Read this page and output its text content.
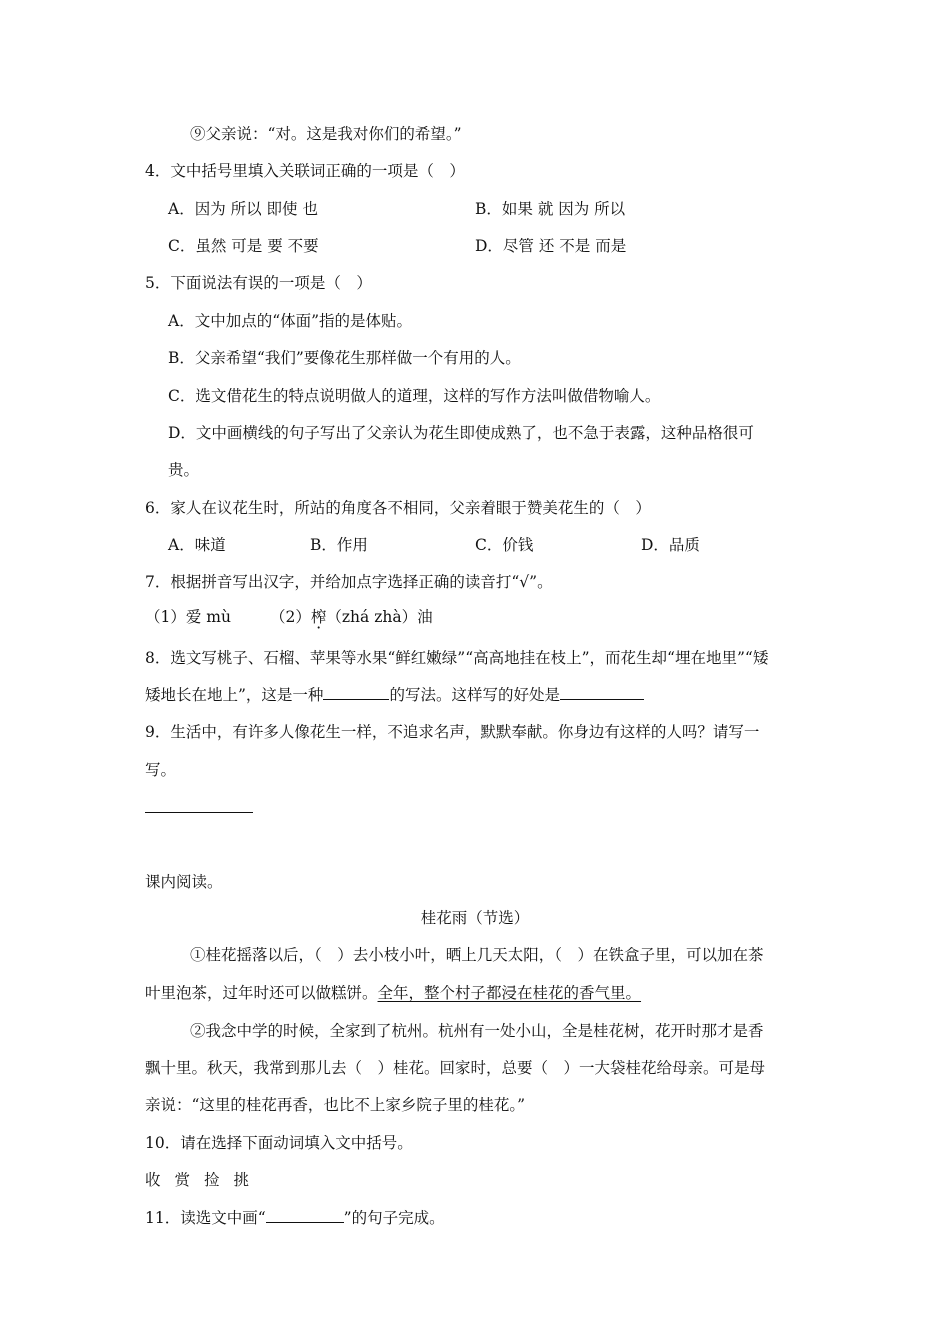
⑨父亲说：“对。这是我对你们的希望。”
4．文中括号里填入关联词正确的一项是（　）
A．因为 所以 即使 也	B．如果 就 因为 所以
C．虽然 可是 要 不要	D．尽管 还 不是 而是
5．下面说法有误的一项是（　）
A．文中加点的“体面”指的是体贴。
B．父亲希望“我们”要像花生那样做一个有用的人。
C．选文借花生的特点说明做人的道理，这样的写作方法叫做借物喻人。
D．文中画横线的句子写出了父亲认为花生即使成熟了，也不急于表露，这种品格很可
贵。
6．家人在议花生时，所站的角度各不相同，父亲着眼于赞美花生的（　）
A．味道	B．作用	C．价钱	D．品质
7．根据拼音写出汉字，并给加点字选择正确的读音打“√”。
（1）爱 mù	（2）榨（zhá zhà）油
8．选文写桃子、石榴、苹果等水果“鲜红嫩绿”“高高地挂在枝上”，而花生却“埋在地里”“矮
矮地长在地上”，这是一种	的写法。这样写的好处是
9．生活中，有许多人像花生一样，不追求名声，默默奉献。你身边有这样的人吗？请写一
写。
课内阅读。
桂花雨（节选）
①桂花摇落以后，（　）去小枝小叶，晒上几天太阳，（　）在铁盒子里，可以加在茶
叶里泡茶，过年时还可以做糕饼。全年，整个村子都浸在桂花的香气里。
②我念中学的时候，全家到了杭州。杭州有一处小山，全是桂花树，花开时那才是香
飘十里。秋天，我常到那儿去（　）桂花。回家时，总要（　）一大袋桂花给母亲。可是母
亲说：“这里的桂花再香，也比不上家乡院子里的桂花。”
10．请在选择下面动词填入文中括号。
收 赏 捡 挑
11．读选文中画“	”的句子完成。
